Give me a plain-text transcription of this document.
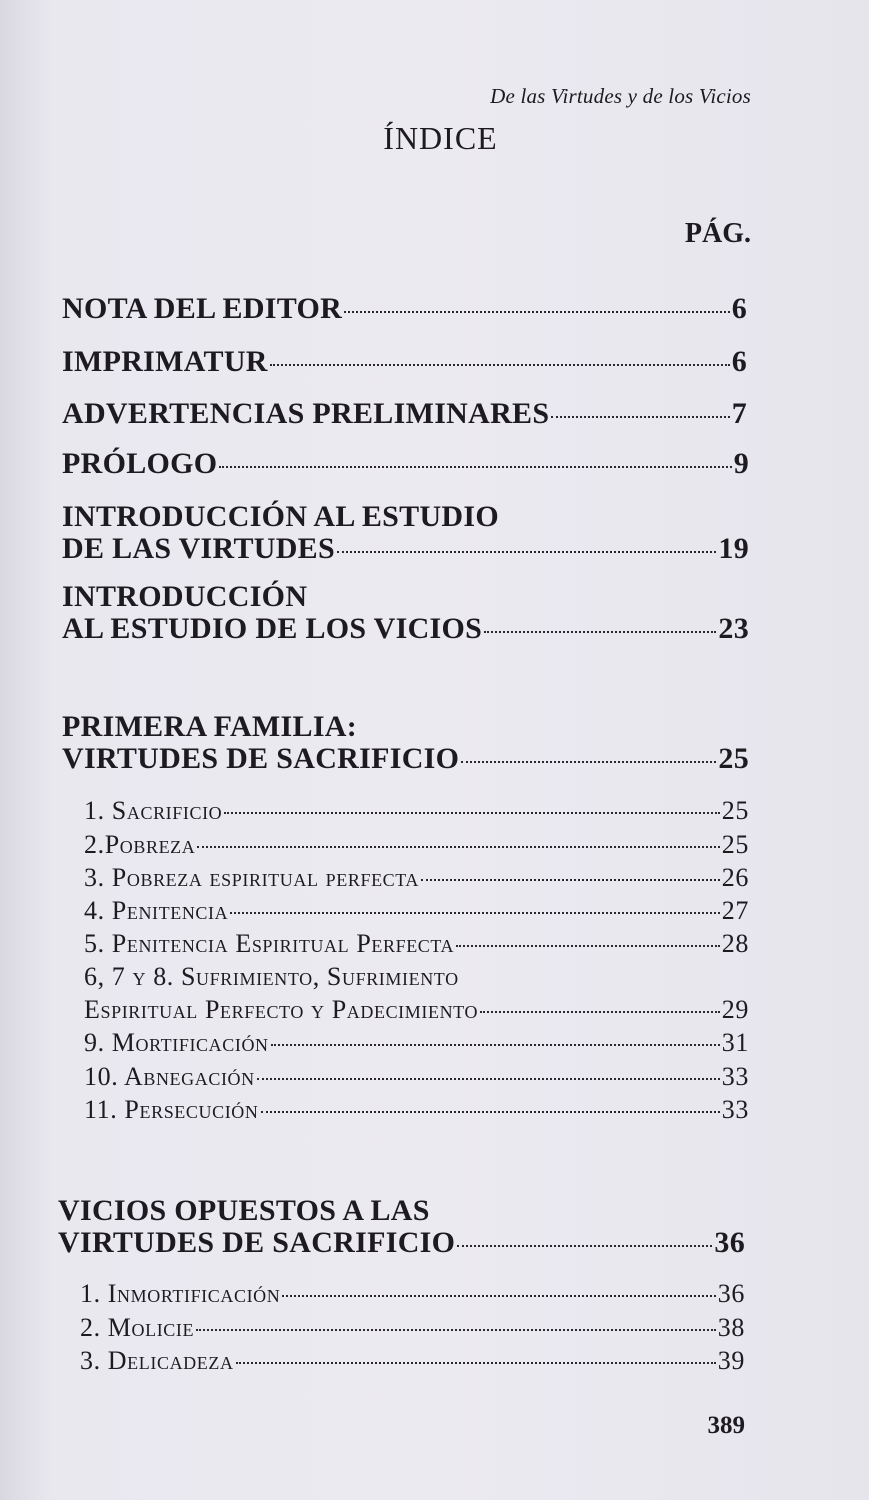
De las Virtudes y de los Vicios
ÍNDICE
PÁG.
NOTA DEL EDITOR	6
IMPRIMATUR	6
ADVERTENCIAS PRELIMINARES	7
PRÓLOGO	9
INTRODUCCIÓN AL ESTUDIO
DE LAS VIRTUDES	19
INTRODUCCIÓN
AL ESTUDIO DE LOS VICIOS	23
PRIMERA FAMILIA:
VIRTUDES DE SACRIFICIO	25
1. Sacrificio	25
2.Pobreza	25
3. Pobreza espiritual perfecta	26
4. Penitencia	27
5. Penitencia Espiritual Perfecta	28
6, 7 y 8. Sufrimiento, Sufrimiento
Espiritual Perfecto y Padecimiento	29
9. Mortificación	31
10. Abnegación	33
11. Persecución	33
VICIOS OPUESTOS A LAS
VIRTUDES DE SACRIFICIO	36
1. Inmortificación	36
2. Molicie	38
3. Delicadeza	39
389
